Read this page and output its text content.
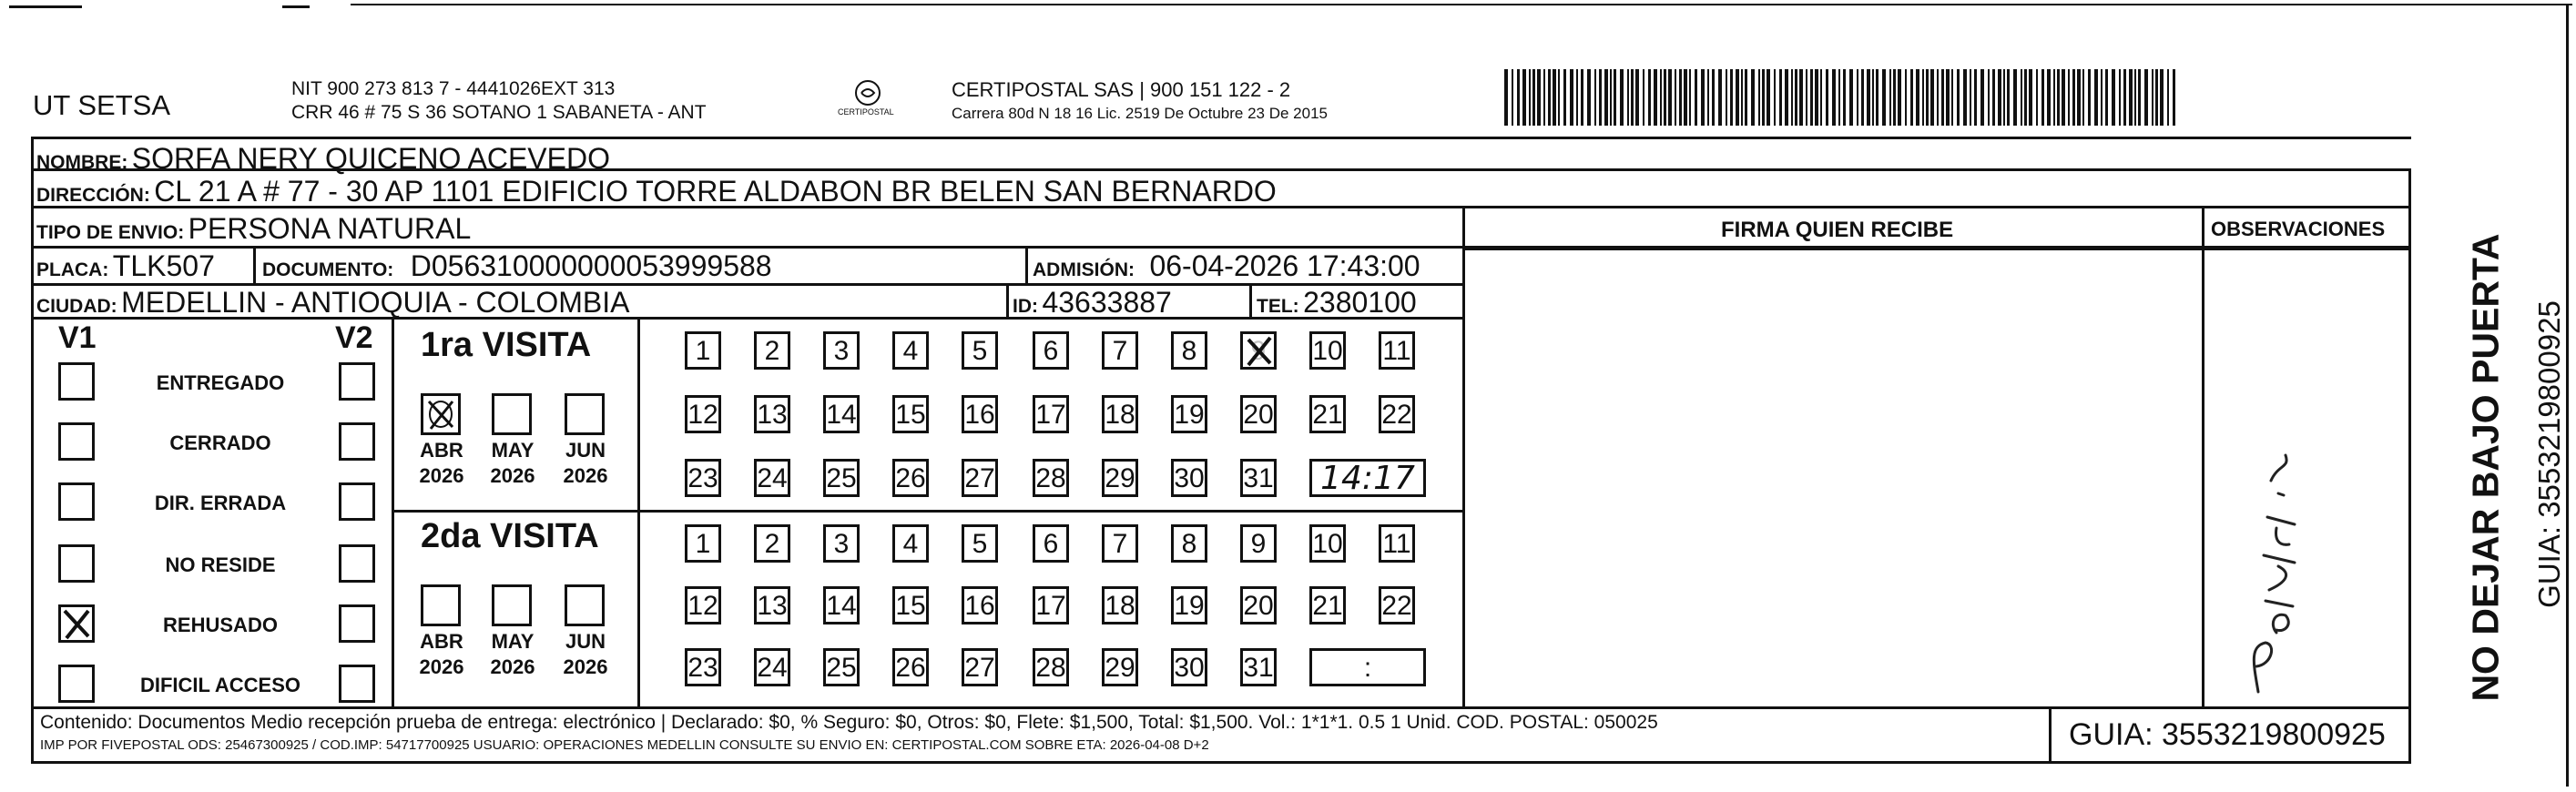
UT SETSA
NIT 900 273 813 7 - 4441026EXT 313
CRR 46 # 75 S 36 SOTANO 1 SABANETA - ANT	CERTIPOSTAL
CERTIPOSTAL SAS | 900 151 122 - 2
Carrera 80d N 18 16 Lic. 2519 De Octubre 23 De 2015
NOMBRE: SORFA NERY QUICENO ACEVEDO
DIRECCIÓN: CL 21 A # 77 - 30 AP 1101 EDIFICIO TORRE ALDABON BR BELEN SAN BERNARDO
TIPO DE ENVIO: PERSONA NATURAL
PLACA: TLK507 DOCUMENTO: D056310000000053999588	ADMISIÓN: 06-04-2026 17:43:00
CIUDAD: MEDELLIN - ANTIOQUIA - COLOMBIA	ID: 43633887	TEL: 2380100
FIRMA QUIEN RECIBE	OBSERVACIONES
V1	V2
ENTREGADO
CERRADO
DIR. ERRADA
NO RESIDE
REHUSADO
DIFICIL ACCESO
1ra VISITA
2da VISITA
ABR
2026
MAY
2026
JUN
2026
ABR
2026
MAY
2026
JUN
2026
1	2	3	4	5	6	7	8	9	10 11
12 13 14 15 16 17 18 19 20 21 22
23 24 25 26 27 28 29 30 31	14:17
1	2	3	4	5	6	7	8	9	10 11
12 13 14 15 16 17 18 19 20 21 22
23 24 25 26 27 28 29 30 31	:
Contenido: Documentos Medio recepción prueba de entrega: electrónico | Declarado: $0, % Seguro: $0, Otros: $0, Flete: $1,500, Total: $1,500. Vol.: 1*1*1. 0.5 1 Unid. COD. POSTAL: 050025
IMP POR FIVEPOSTAL ODS: 25467300925 / COD.IMP: 54717700925 USUARIO: OPERACIONES MEDELLIN CONSULTE SU ENVIO EN: CERTIPOSTAL.COM SOBRE ETA: 2026-04-08 D+2	GUIA: 3553219800925
NO DEJAR BAJO PUERTA GUIA: 3553219800925
